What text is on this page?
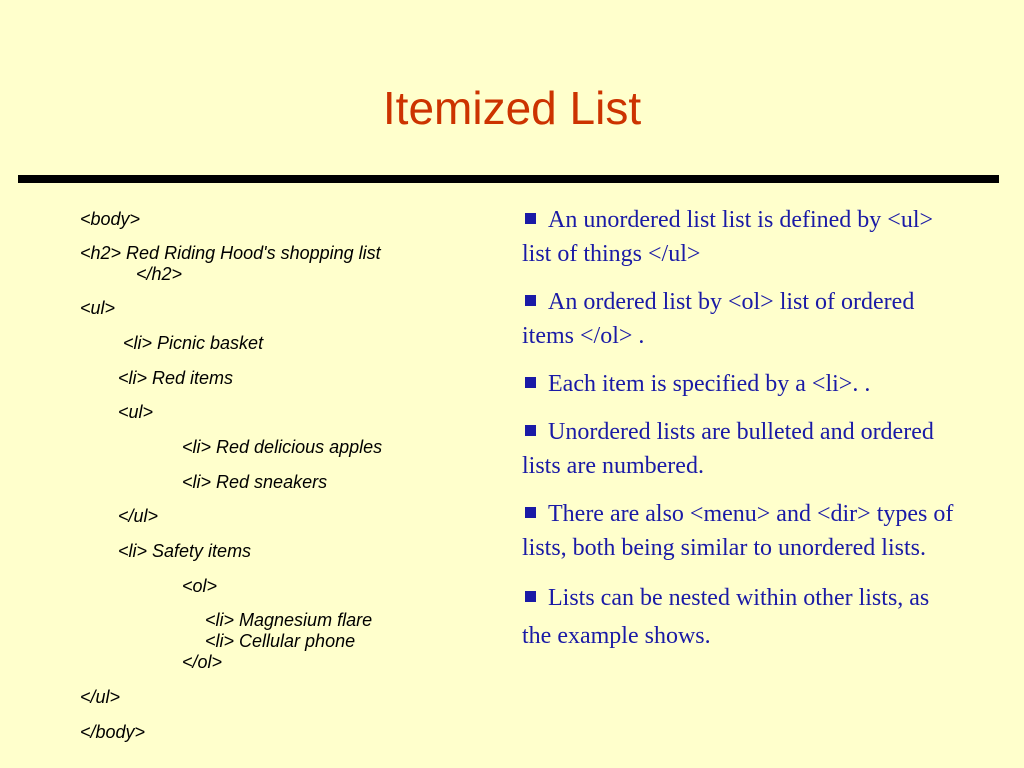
Itemized List
<body>
<h2> Red Riding Hood's shopping list
</h2>
<ul>
<li> Picnic basket
<li> Red items
<ul>
<li> Red delicious apples
<li> Red sneakers
</ul>
<li> Safety items
<ol>
<li> Magnesium flare
<li> Cellular phone
</ol>
</ul>
</body>
An unordered list list is defined by <ul> list of things </ul>
An ordered list by <ol> list of ordered items </ol> .
Each item is specified by a <li>. .
Unordered lists are bulleted and ordered lists are numbered.
There are also <menu> and <dir> types of lists, both being similar to unordered lists.
Lists can be nested within other lists, as the example shows.
